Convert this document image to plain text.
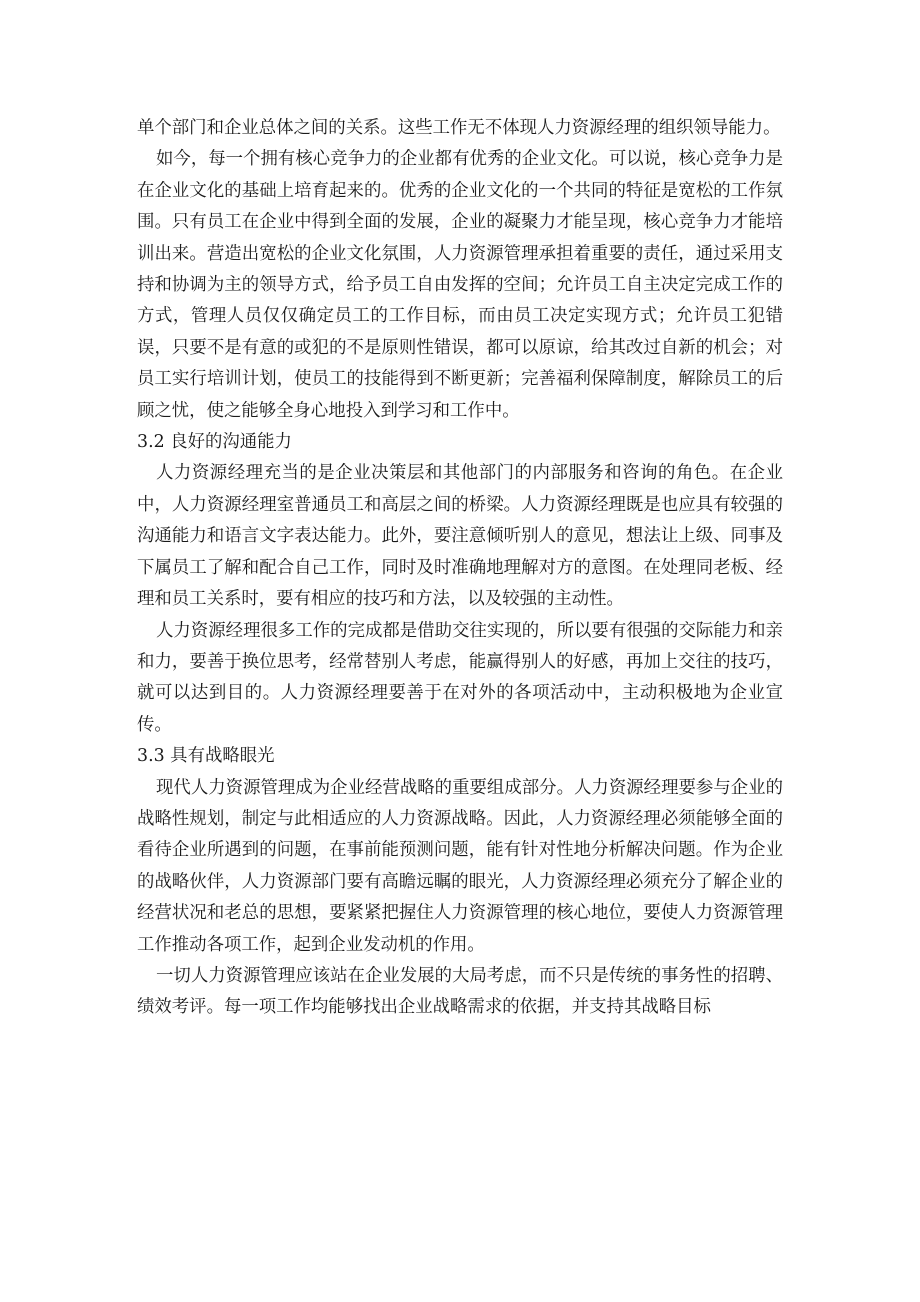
单个部门和企业总体之间的关系。这些工作无不体现人力资源经理的组织领导能力。

如今，每一个拥有核心竞争力的企业都有优秀的企业文化。可以说，核心竞争力是在企业文化的基础上培育起来的。优秀的企业文化的一个共同的特征是宽松的工作氛围。只有员工在企业中得到全面的发展，企业的凝聚力才能呈现，核心竞争力才能培训出来。营造出宽松的企业文化氛围，人力资源管理承担着重要的责任，通过采用支持和协调为主的领导方式，给予员工自由发挥的空间；允许员工自主决定完成工作的方式，管理人员仅仅确定员工的工作目标，而由员工决定实现方式；允许员工犯错误，只要不是有意的或犯的不是原则性错误，都可以原谅，给其改过自新的机会；对员工实行培训计划，使员工的技能得到不断更新；完善福利保障制度，解除员工的后顾之忧，使之能够全身心地投入到学习和工作中。

3.2 良好的沟通能力

人力资源经理充当的是企业决策层和其他部门的内部服务和咨询的角色。在企业中，人力资源经理室普通员工和高层之间的桥梁。人力资源经理既是也应具有较强的沟通能力和语言文字表达能力。此外，要注意倾听别人的意见，想法让上级、同事及下属员工了解和配合自己工作，同时及时准确地理解对方的意图。在处理同老板、经理和员工关系时，要有相应的技巧和方法，以及较强的主动性。

人力资源经理很多工作的完成都是借助交往实现的，所以要有很强的交际能力和亲和力，要善于换位思考，经常替别人考虑，能赢得别人的好感，再加上交往的技巧，就可以达到目的。人力资源经理要善于在对外的各项活动中，主动积极地为企业宣传。

3.3 具有战略眼光

现代人力资源管理成为企业经营战略的重要组成部分。人力资源经理要参与企业的战略性规划，制定与此相适应的人力资源战略。因此，人力资源经理必须能够全面的看待企业所遇到的问题，在事前能预测问题，能有针对性地分析解决问题。作为企业的战略伙伴，人力资源部门要有高瞻远瞩的眼光，人力资源经理必须充分了解企业的经营状况和老总的思想，要紧紧把握住人力资源管理的核心地位，要使人力资源管理工作推动各项工作，起到企业发动机的作用。

一切人力资源管理应该站在企业发展的大局考虑，而不只是传统的事务性的招聘、绩效考评。每一项工作均能够找出企业战略需求的依据，并支持其战略目标
